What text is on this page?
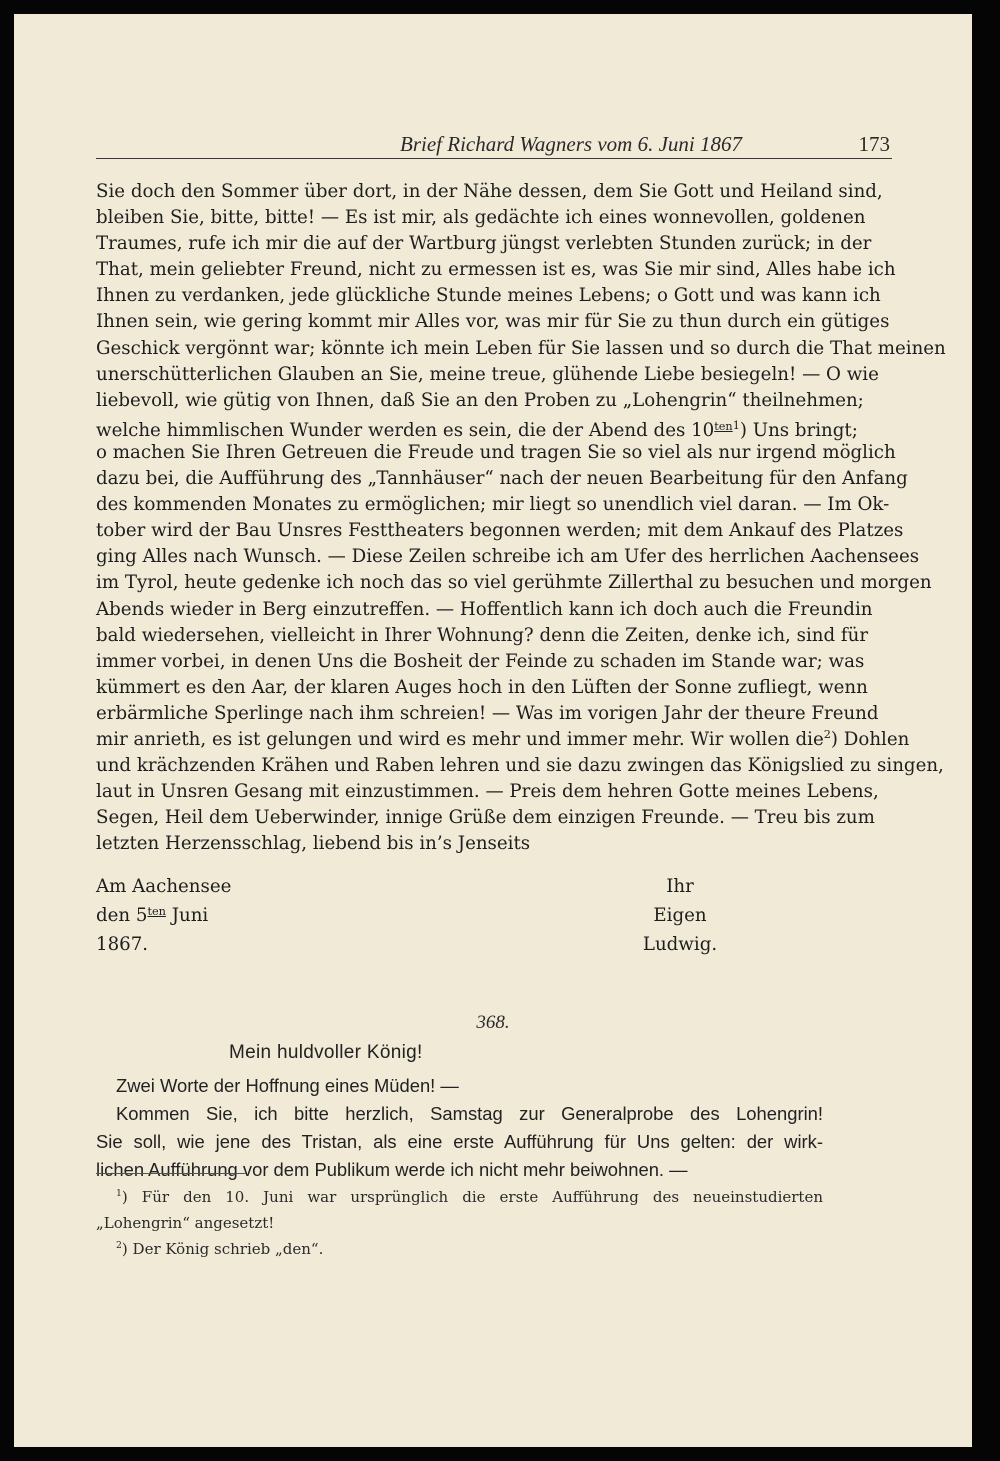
Brief Richard Wagners vom 6. Juni 1867	173
Sie doch den Sommer über dort, in der Nähe dessen, dem Sie Gott und Heiland sind,
bleiben Sie, bitte, bitte! — Es ist mir, als gedächte ich eines wonnevollen, goldenen
Traumes, rufe ich mir die auf der Wartburg jüngst verlebten Stunden zurück; in der
That, mein geliebter Freund, nicht zu ermessen ist es, was Sie mir sind, Alles habe ich
Ihnen zu verdanken, jede glückliche Stunde meines Lebens; o Gott und was kann ich
Ihnen sein, wie gering kommt mir Alles vor, was mir für Sie zu thun durch ein gütiges
Geschick vergönnt war; könnte ich mein Leben für Sie lassen und so durch die That meinen
unerschütterlichen Glauben an Sie, meine treue, glühende Liebe besiegeln! — O wie
liebevoll, wie gütig von Ihnen, daß Sie an den Proben zu „Lohengrin“ theilnehmen;
welche himmlischen Wunder werden es sein, die der Abend des $10^{ten1}$) Uns bringt;
o machen Sie Ihren Getreuen die Freude und tragen Sie so viel als nur irgend möglich
dazu bei, die Aufführung des „Tannhäuser“ nach der neuen Bearbeitung für den Anfang
des kommenden Monates zu ermöglichen; mir liegt so unendlich viel daran. — Im Ok-
tober wird der Bau Unsres Festtheaters begonnen werden; mit dem Ankauf des Platzes
ging Alles nach Wunsch. — Diese Zeilen schreibe ich am Ufer des herrlichen Aachensees
im Tyrol, heute gedenke ich noch das so viel gerühmte Zillerthal zu besuchen und morgen
Abends wieder in Berg einzutreffen. — Hoffentlich kann ich doch auch die Freundin
bald wiedersehen, vielleicht in Ihrer Wohnung? denn die Zeiten, denke ich, sind für
immer vorbei, in denen Uns die Bosheit der Feinde zu schaden im Stande war; was
kümmert es den Aar, der klaren Auges hoch in den Lüften der Sonne zufliegt, wenn
erbärmliche Sperlinge nach ihm schreien! — Was im vorigen Jahr der theure Freund
mir anrieth, es ist gelungen und wird es mehr und immer mehr. Wir wollen die$^2$) Dohlen
und krächzenden Krähen und Raben lehren und sie dazu zwingen das Königslied zu singen,
laut in Unsren Gesang mit einzustimmen. — Preis dem hehren Gotte meines Lebens,
Segen, Heil dem Ueberwinder, innige Grüße dem einzigen Freunde. — Treu bis zum
letzten Herzensschlag, liebend bis in’s Jenseits
Am Aachensee
den $5^{ten}$ Juni
1867.
Ihr
Eigen
Ludwig.
368.
Mein huldvoller König!
Zwei Worte der Hoffnung eines Müden! —
Kommen Sie, ich bitte herzlich, Samstag zur Generalprobe des Lohengrin!
Sie soll, wie jene des Tristan, als eine erste Aufführung für Uns gelten: der wirk-
lichen Aufführung vor dem Publikum werde ich nicht mehr beiwohnen. —
$^1$) Für den 10. Juni war ursprünglich die erste Aufführung des neueinstudierten
„Lohengrin“ angesetzt!
$^2$) Der König schrieb „den“.
